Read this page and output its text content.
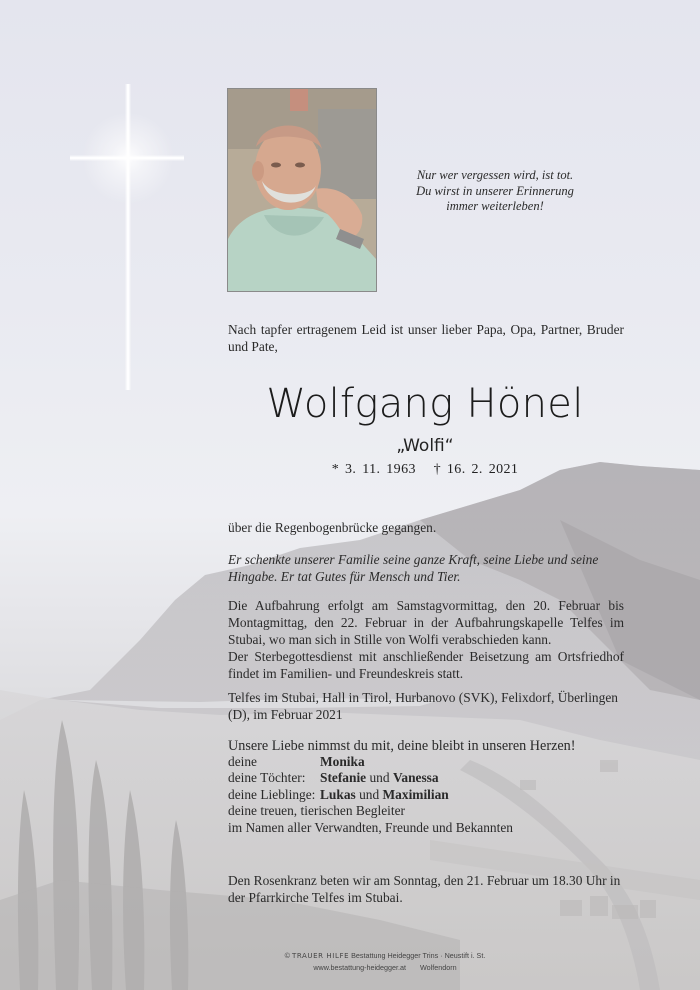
Nur wer vergessen wird, ist tot.
Du wirst in unserer Erinnerung
immer weiterleben!
Nach tapfer ertragenem Leid ist unser lieber Papa, Opa, Partner, Bruder und Pate,
Wolfgang Hönel
„Wolfi“
* 3. 11. 1963 † 16. 2. 2021
über die Regenbogenbrücke gegangen.
Er schenkte unserer Familie seine ganze Kraft, seine Liebe und seine Hingabe. Er tat Gutes für Mensch und Tier.
Die Aufbahrung erfolgt am Samstagvormittag, den 20. Februar bis Montagmittag, den 22. Februar in der Aufbahrungskapelle Telfes im Stubai, wo man sich in Stille von Wolfi verabschieden kann.
Der Sterbegottesdienst mit anschließender Beisetzung am Ortsfriedhof findet im Familien- und Freundeskreis statt.
Telfes im Stubai, Hall in Tirol, Hurbanovo (SVK), Felixdorf, Überlingen (D), im Februar 2021
Unsere Liebe nimmst du mit, deine bleibt in unseren Herzen!
deine	Monika
deine Töchter: Stefanie und Vanessa
deine Lieblinge: Lukas und Maximilian
deine treuen, tierischen Begleiter
im Namen aller Verwandten, Freunde und Bekannten
Den Rosenkranz beten wir am Sonntag, den 21. Februar um 18.30 Uhr in der Pfarrkirche Telfes im Stubai.
© TRAUER HILFE Bestattung Heidegger Trins · Neustift i. St.
www.bestattung-heidegger.at Wolfendorn
